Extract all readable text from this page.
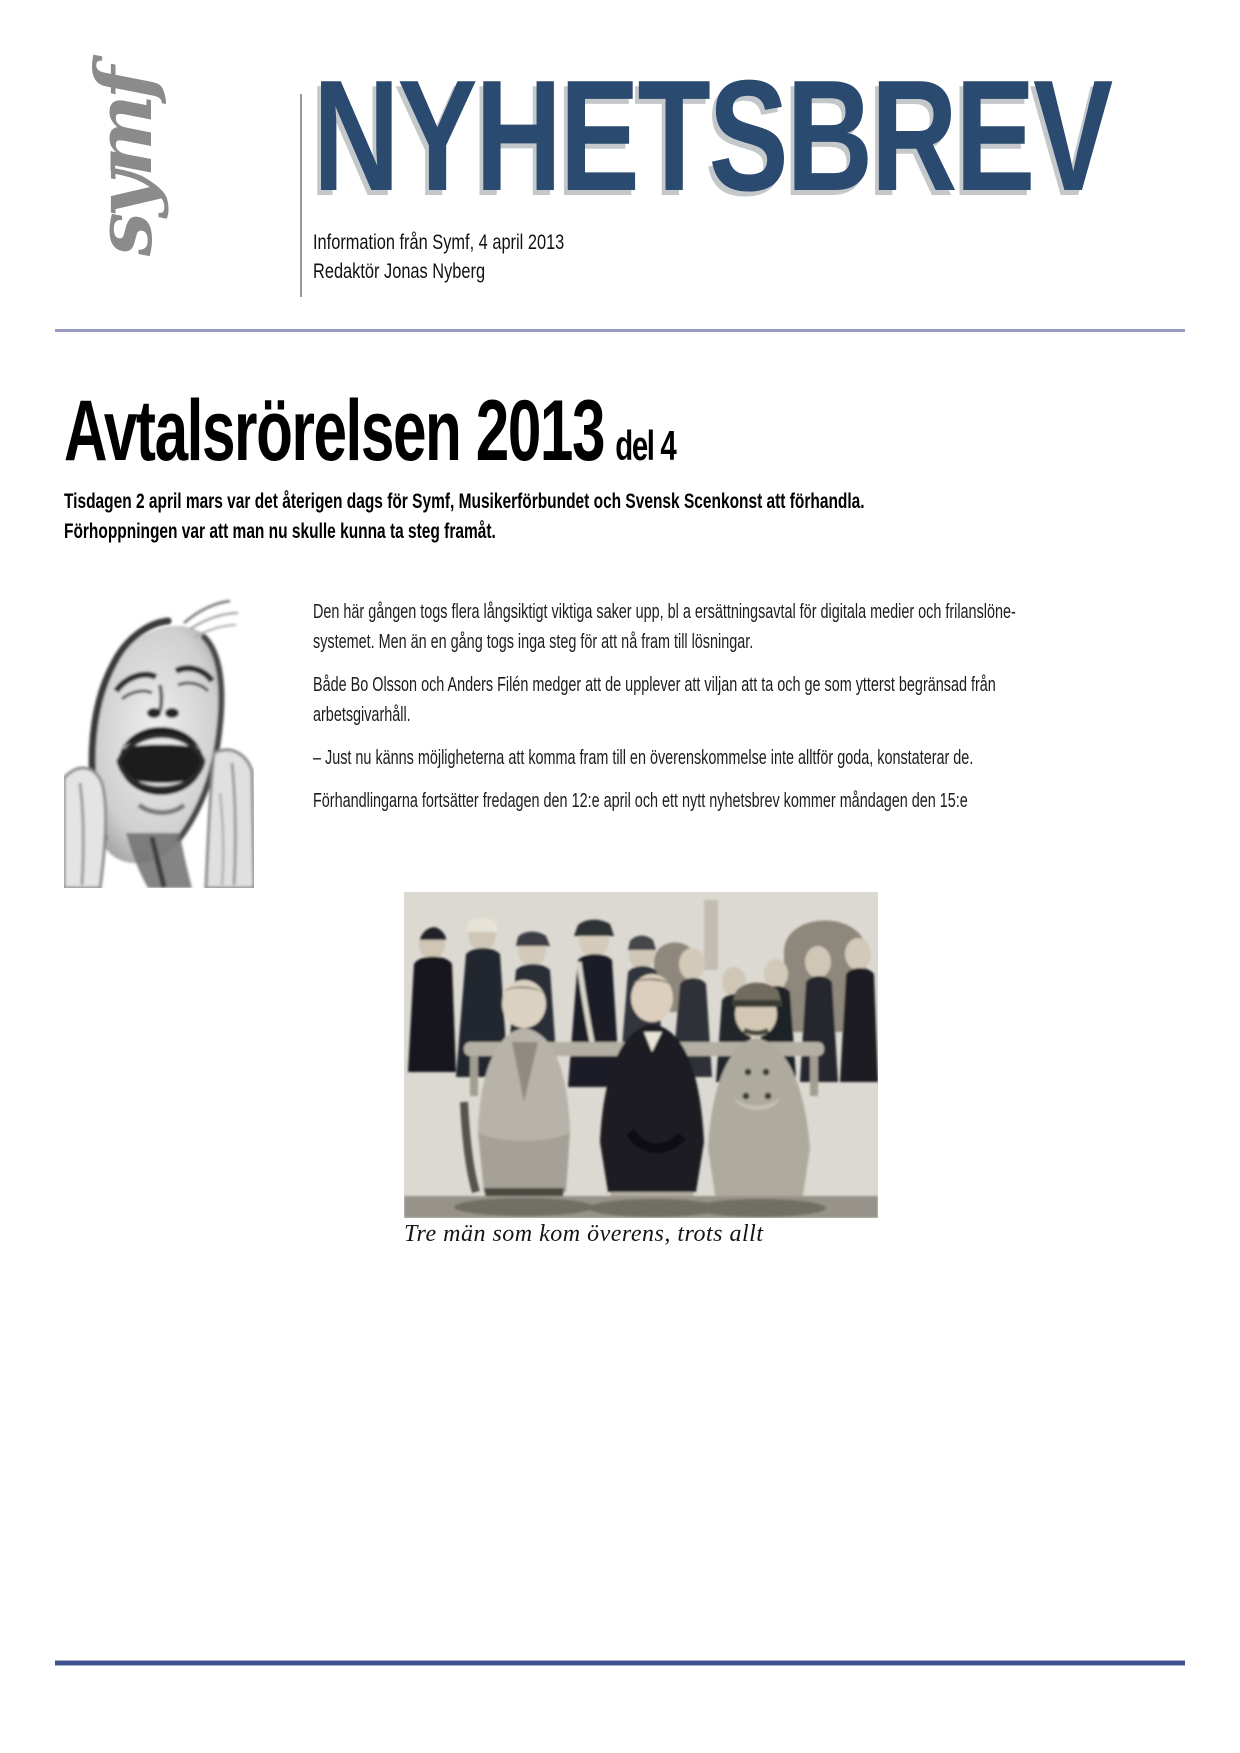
symf NYHETSBREV
Information från Symf, 4 april 2013
Redaktör Jonas Nyberg
Avtalsrörelsen 2013 del 4
Tisdagen 2 april mars var det återigen dags för Symf, Musikerförbundet och Svensk Scenkonst att förhandla.
Förhoppningen var att man nu skulle kunna ta steg framåt.

Den här gången togs flera långsiktigt viktiga saker upp, bl a ersättningsavtal för digitala medier och frilanslöne-systemet. Men än en gång togs inga steg för att nå fram till lösningar.

Både Bo Olsson och Anders Filén medger att de upplever att viljan att ta och ge som ytterst begränsad från arbetsgivarhåll.

– Just nu känns möjligheterna att komma fram till en överenskommelse inte alltför goda, konstaterar de.

Förhandlingarna fortsätter fredagen den 12:e april och ett nytt nyhetsbrev kommer måndagen den 15:e

Tre män som kom överens, trots allt
